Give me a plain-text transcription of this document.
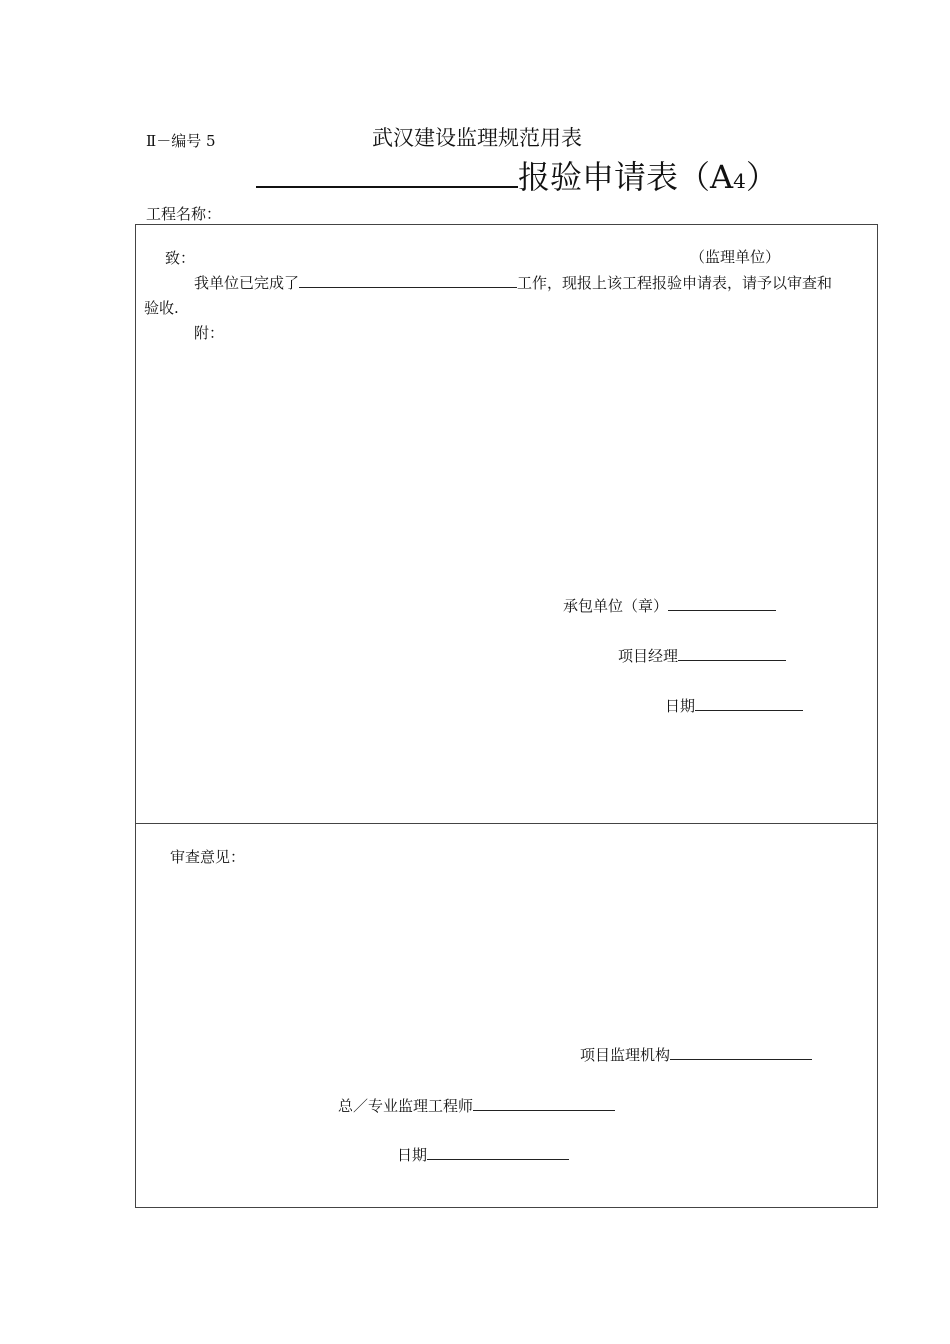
Ⅱ－编号 5	武汉建设监理规范用表
报验申请表（A4）
工程名称：
致：	（监理单位）
我单位已完成了	工作，现报上该工程报验申请表，请予以审查和
验收.
附：
承包单位（章）
项目经理
日期
审查意见：
项目监理机构
总／专业监理工程师
日期
